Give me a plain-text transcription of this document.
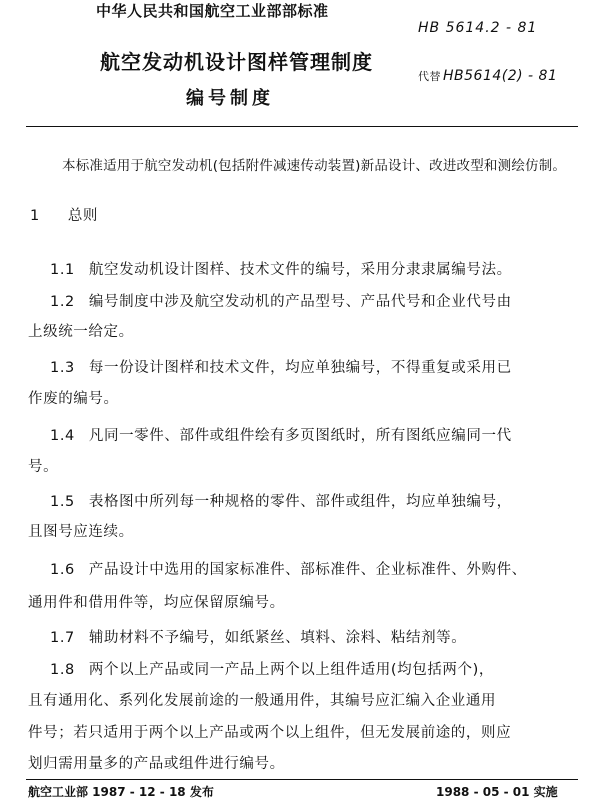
中华人民共和国航空工业部部标准
HB 5614.2 - 81
航空发动机设计图样管理制度
编号制度
代替 HB5614(2) - 81
本标准适用于航空发动机(包括附件减速传动装置)新品设计、改进改型和测绘仿制。
1 总则
1.1 航空发动机设计图样、技术文件的编号，采用分隶隶属编号法。
1.2 编号制度中涉及航空发动机的产品型号、产品代号和企业代号由
上级统一给定。
1.3 每一份设计图样和技术文件，均应单独编号，不得重复或采用已
作废的编号。
1.4 凡同一零件、部件或组件绘有多页图纸时，所有图纸应编同一代
号。
1.5 表格图中所列每一种规格的零件、部件或组件，均应单独编号，
且图号应连续。
1.6 产品设计中选用的国家标准件、部标准件、企业标准件、外购件、
通用件和借用件等，均应保留原编号。
1.7 辅助材料不予编号，如纸紧丝、填料、涂料、粘结剂等。
1.8 两个以上产品或同一产品上两个以上组件适用(均包括两个)，
且有通用化、系列化发展前途的一般通用件，其编号应汇编入企业通用
件号；若只适用于两个以上产品或两个以上组件，但无发展前途的，则应
划归需用量多的产品或组件进行编号。
航空工业部 1987 - 12 - 18 发布	1988 - 05 - 01 实施
